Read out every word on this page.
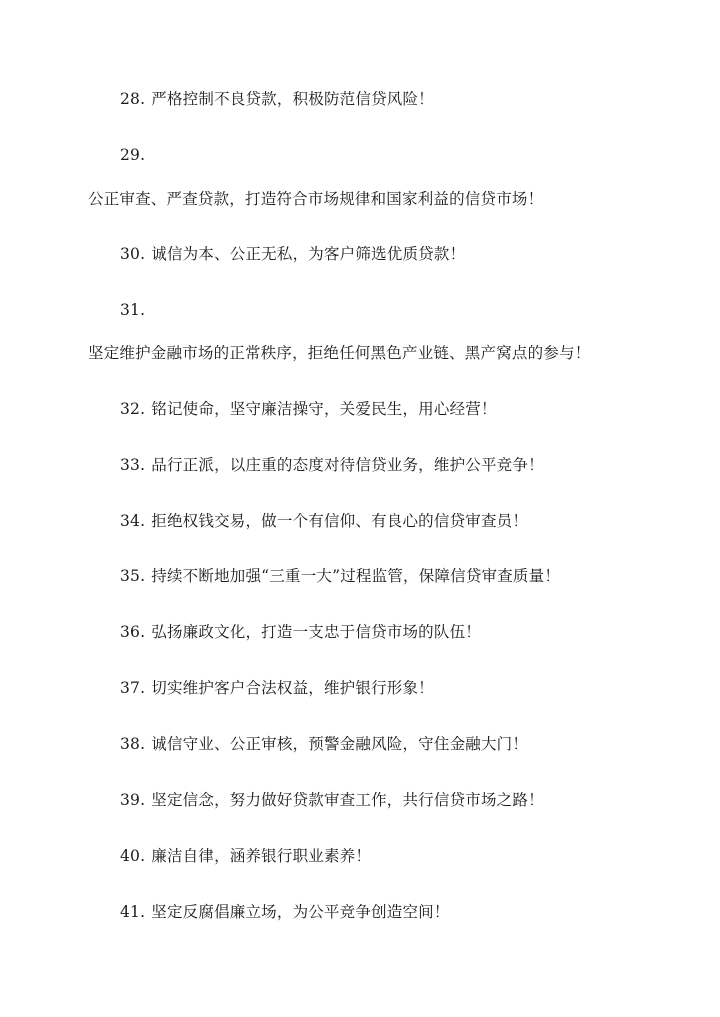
28. 严格控制不良贷款，积极防范信贷风险！
29.
公正审查、严查贷款，打造符合市场规律和国家利益的信贷市场！
30. 诚信为本、公正无私，为客户筛选优质贷款！
31.
坚定维护金融市场的正常秩序，拒绝任何黑色产业链、黑产窝点的参与！
32. 铭记使命，坚守廉洁操守，关爱民生，用心经营！
33. 品行正派，以庄重的态度对待信贷业务，维护公平竞争！
34. 拒绝权钱交易，做一个有信仰、有良心的信贷审查员！
35. 持续不断地加强“三重一大”过程监管，保障信贷审查质量！
36. 弘扬廉政文化，打造一支忠于信贷市场的队伍！
37. 切实维护客户合法权益，维护银行形象！
38. 诚信守业、公正审核，预警金融风险，守住金融大门！
39. 坚定信念，努力做好贷款审查工作，共行信贷市场之路！
40. 廉洁自律，涵养银行职业素养！
41. 坚定反腐倡廉立场，为公平竞争创造空间！
